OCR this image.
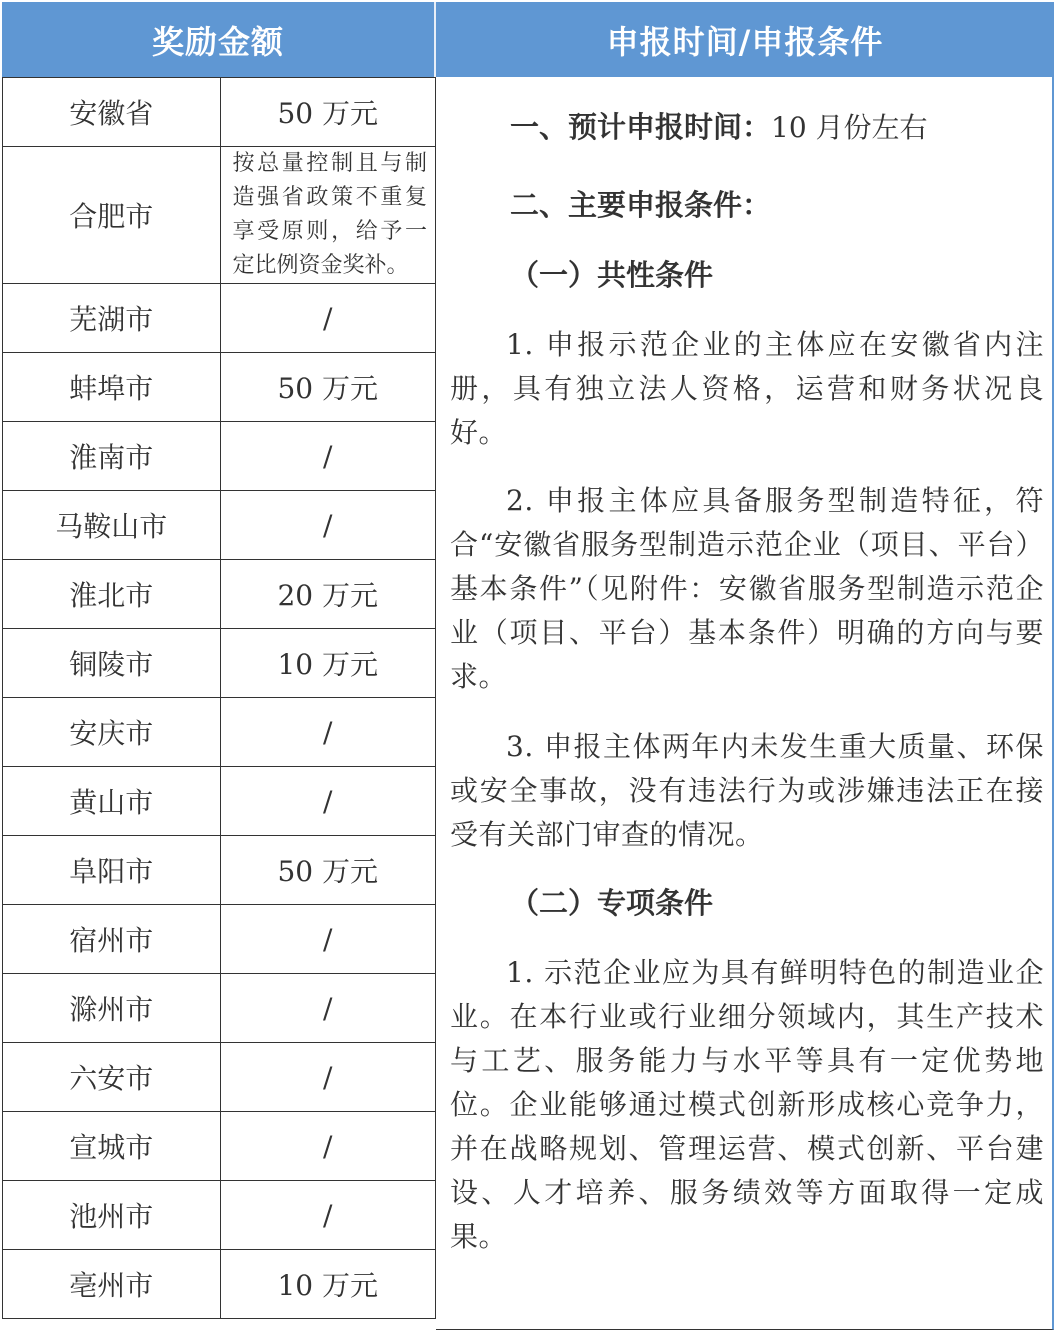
奖励金额	申报时间/申报条件
安徽省	50 万元
合肥市	按总量控制且与制造强省政策不重复享受原则，给予一定比例资金奖补。
芜湖市	/
蚌埠市	50 万元
淮南市	/
马鞍山市	/
淮北市	20 万元
铜陵市	10 万元
安庆市	/
黄山市	/
阜阳市	50 万元
宿州市	/
滁州市	/
六安市	/
宣城市	/
池州市	/
亳州市	10 万元
一、预计申报时间：10 月份左右
二、主要申报条件：
（一）共性条件
1. 申报示范企业的主体应在安徽省内注册，具有独立法人资格，运营和财务状况良好。
2. 申报主体应具备服务型制造特征，符合“安徽省服务型制造示范企业（项目、平台）基本条件”（见附件：安徽省服务型制造示范企业（项目、平台）基本条件）明确的方向与要求。
3. 申报主体两年内未发生重大质量、环保或安全事故，没有违法行为或涉嫌违法正在接受有关部门审查的情况。
（二）专项条件
1. 示范企业应为具有鲜明特色的制造业企业。在本行业或行业细分领域内，其生产技术与工艺、服务能力与水平等具有一定优势地位。企业能够通过模式创新形成核心竞争力，并在战略规划、管理运营、模式创新、平台建设、人才培养、服务绩效等方面取得一定成果。
